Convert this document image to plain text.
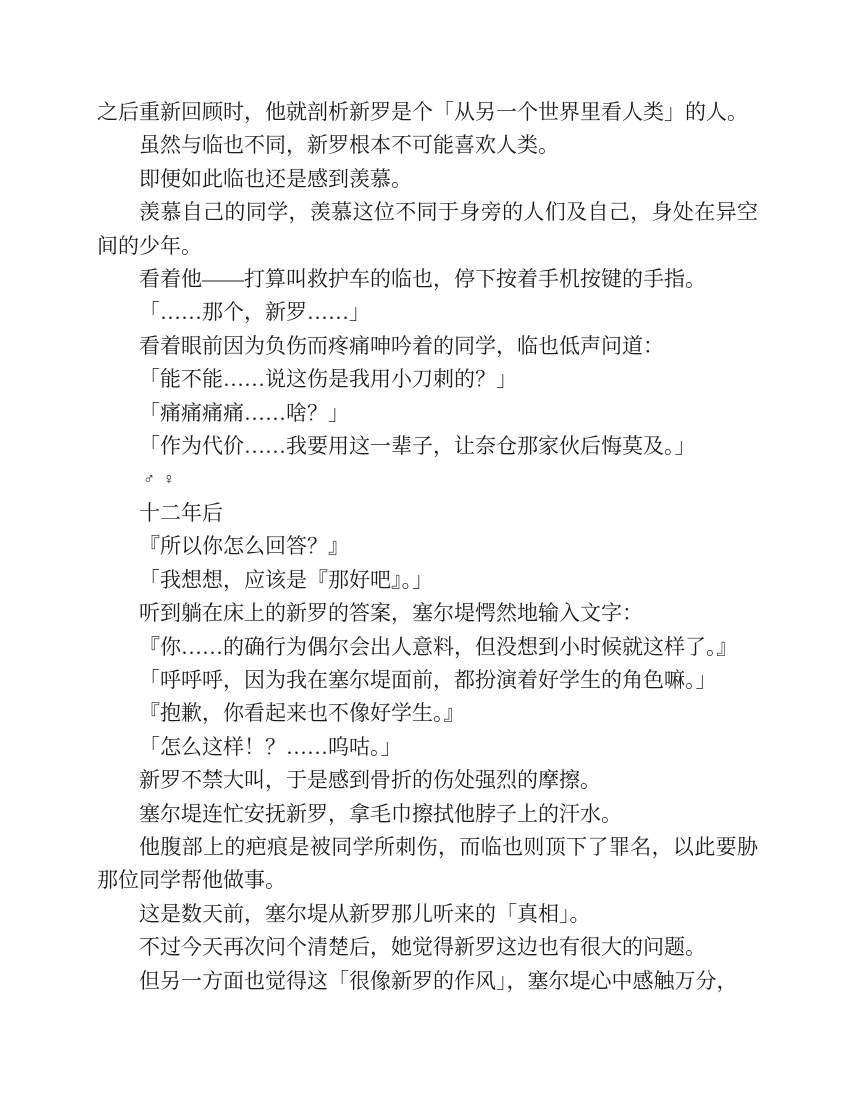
之后重新回顾时，他就剖析新罗是个「从另一个世界里看人类」的人。

虽然与临也不同，新罗根本不可能喜欢人类。

即便如此临也还是感到羡慕。

羡慕自己的同学，羡慕这位不同于身旁的人们及自己，身处在异空间的少年。

看着他——打算叫救护车的临也，停下按着手机按键的手指。

「……那个，新罗……」

看着眼前因为负伤而疼痛呻吟着的同学，临也低声问道：

「能不能……说这伤是我用小刀刺的？」

「痛痛痛痛……啥？」

「作为代价……我要用这一辈子，让奈仓那家伙后悔莫及。」

♂ ♀

十二年后

『所以你怎么回答？』

「我想想，应该是『那好吧』。」

听到躺在床上的新罗的答案，塞尔堤愕然地输入文字：

『你……的确行为偶尔会出人意料，但没想到小时候就这样了。』

「呼呼呼，因为我在塞尔堤面前，都扮演着好学生的角色嘛。」

『抱歉，你看起来也不像好学生。』

「怎么这样！？……呜咕。」

新罗不禁大叫，于是感到骨折的伤处强烈的摩擦。

塞尔堤连忙安抚新罗，拿毛巾擦拭他脖子上的汗水。

他腹部上的疤痕是被同学所刺伤，而临也则顶下了罪名，以此要胁那位同学帮他做事。

这是数天前，塞尔堤从新罗那儿听来的「真相」。

不过今天再次问个清楚后，她觉得新罗这边也有很大的问题。

但另一方面也觉得这「很像新罗的作风」，塞尔堤心中感触万分，
